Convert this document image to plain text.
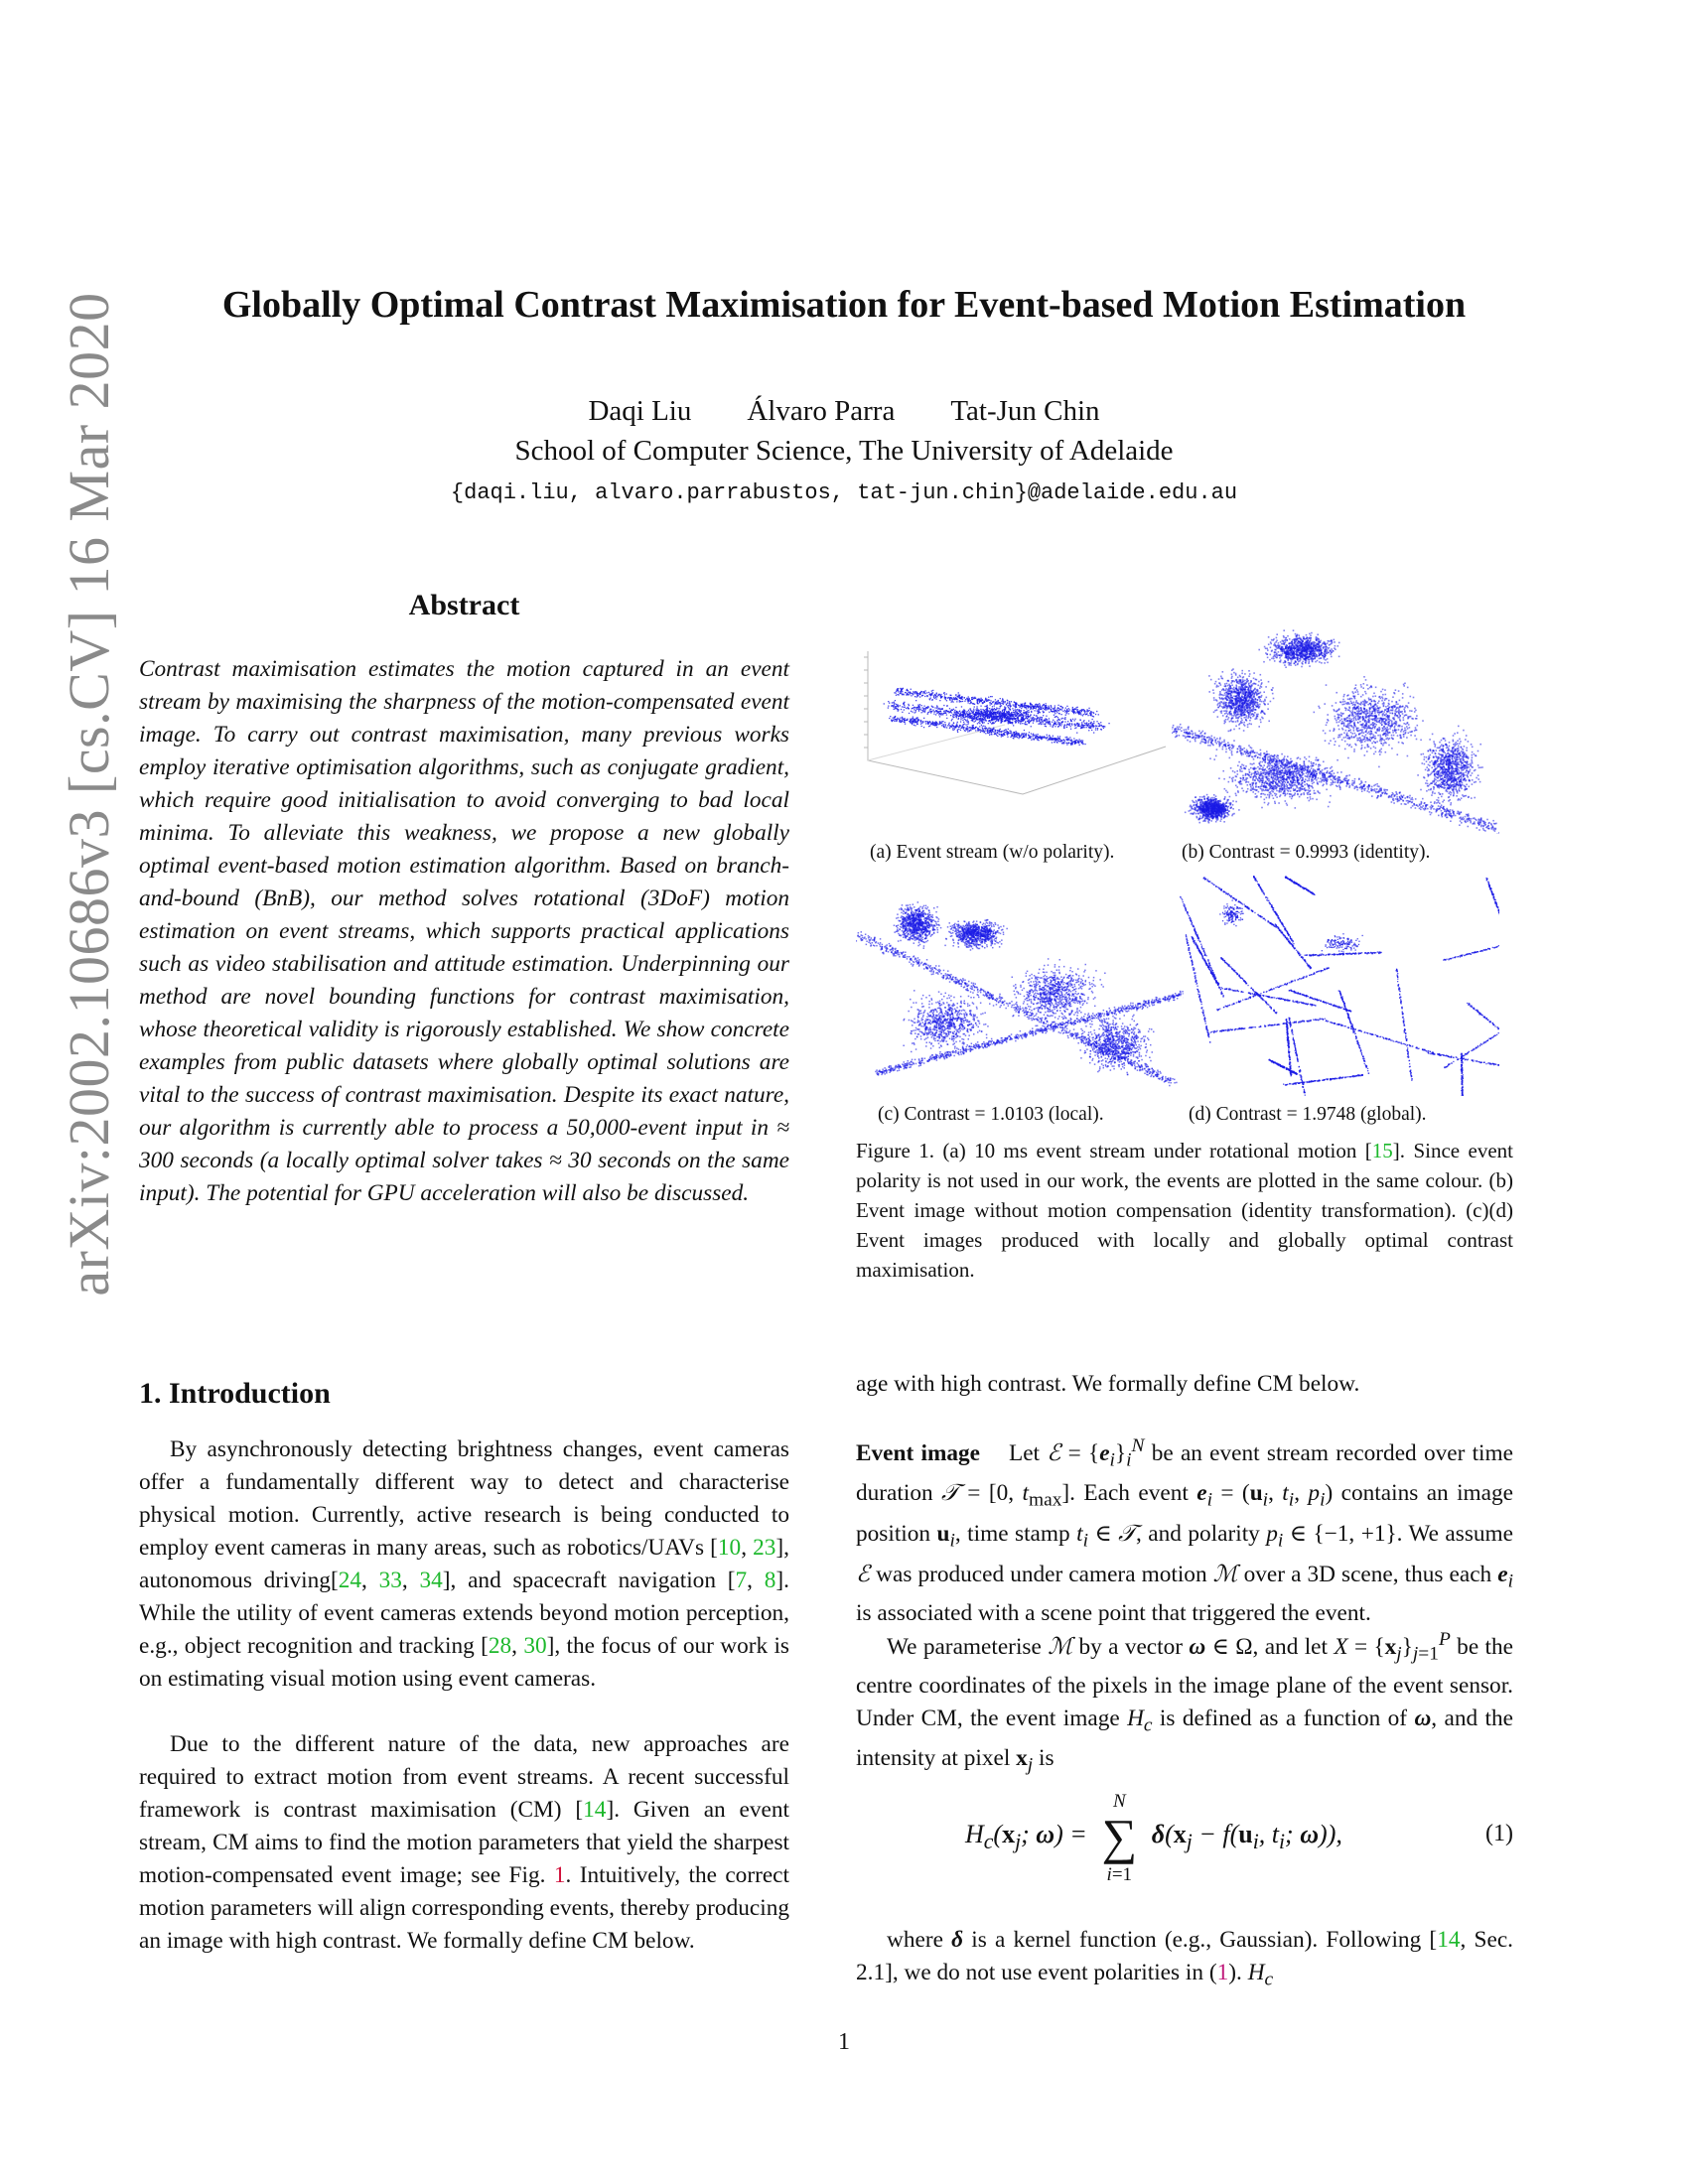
arXiv:2002.10686v3 [cs.CV] 16 Mar 2020	Globally Optimal Contrast Maximisation for Event-based Motion Estimation
Daqi Liu Álvaro Parra Tat-Jun Chin
School of Computer Science, The University of Adelaide
{daqi.liu, alvaro.parrabustos, tat-jun.chin}@adelaide.edu.au
Abstract

Contrast maximisation estimates the motion captured in an event stream by maximising the sharpness of the motion-compensated event image. To carry out contrast maximisation, many previous works employ iterative optimisation algorithms, such as conjugate gradient, which require good initialisation to avoid converging to bad local minima. To alleviate this weakness, we propose a new globally optimal event-based motion estimation algorithm. Based on branch-and-bound (BnB), our method solves rotational (3DoF) motion estimation on event streams, which supports practical applications such as video stabilisation and attitude estimation. Underpinning our method are novel bounding functions for contrast maximisation, whose theoretical validity is rigorously established. We show concrete examples from public datasets where globally optimal solutions are vital to the success of contrast maximisation. Despite its exact nature, our algorithm is currently able to process a 50,000-event input in ≈ 300 seconds (a locally optimal solver takes ≈ 30 seconds on the same input). The potential for GPU acceleration will also be discussed.

1. Introduction

By asynchronously detecting brightness changes, event cameras offer a fundamentally different way to detect and characterise physical motion. Currently, active research is being conducted to employ event cameras in many areas, such as robotics/UAVs [10, 23], autonomous driving[24, 33, 34], and spacecraft navigation [7, 8]. While the utility of event cameras extends beyond motion perception, e.g., object recognition and tracking [28, 30], the focus of our work is on estimating visual motion using event cameras.

Due to the different nature of the data, new approaches are required to extract motion from event streams. A recent successful framework is contrast maximisation (CM) [14]. Given an event stream, CM aims to find the motion parameters that yield the sharpest motion-compensated event image; see Fig. 1. Intuitively, the correct motion parameters will align corresponding events, thereby producing an image with high contrast. We formally define CM below.

(a) Event stream (w/o polarity).	(b) Contrast = 0.9993 (identity).
(c) Contrast = 1.0103 (local).	(d) Contrast = 1.9748 (global).

Figure 1. (a) 10 ms event stream under rotational motion [15]. Since event polarity is not used in our work, the events are plotted in the same colour. (b) Event image without motion compensation (identity transformation). (c)(d) Event images produced with locally and globally optimal contrast maximisation.

age with high contrast. We formally define CM below.

Event image Let ℰ = $\{e_i\}_i^N$ be an event stream recorded over time duration 𝒯 = [0, $t_{max}$]. Each event $e_i = (u_i$, $t_i$, $p_i$) contains an image position $u_i$, time stamp $t_i$ ∈ 𝒯, and polarity $p_i$ ∈ {−1, +1}. We assume ℰ was produced under camera motion ℳ over a 3D scene, thus each $e_i$ is associated with a scene point that triggered the event.

We parameterise ℳ by a vector ω ∈ Ω, and let $X = \{x_j\}_{j=1}^P$ be the centre coordinates of the pixels in the image plane of the event sensor. Under CM, the event image $H_c$ is defined as a function of ω, and the intensity at pixel $x_j$ is

$H_c(x_j$; ω) =
N
∑
i=1
$\delta(x_j - f(u_i$, $t_i$; ω)),	(1)

where δ is a kernel function (e.g., Gaussian). Following [14, Sec. 2.1], we do not use event polarities in (1). $H_c$

1
